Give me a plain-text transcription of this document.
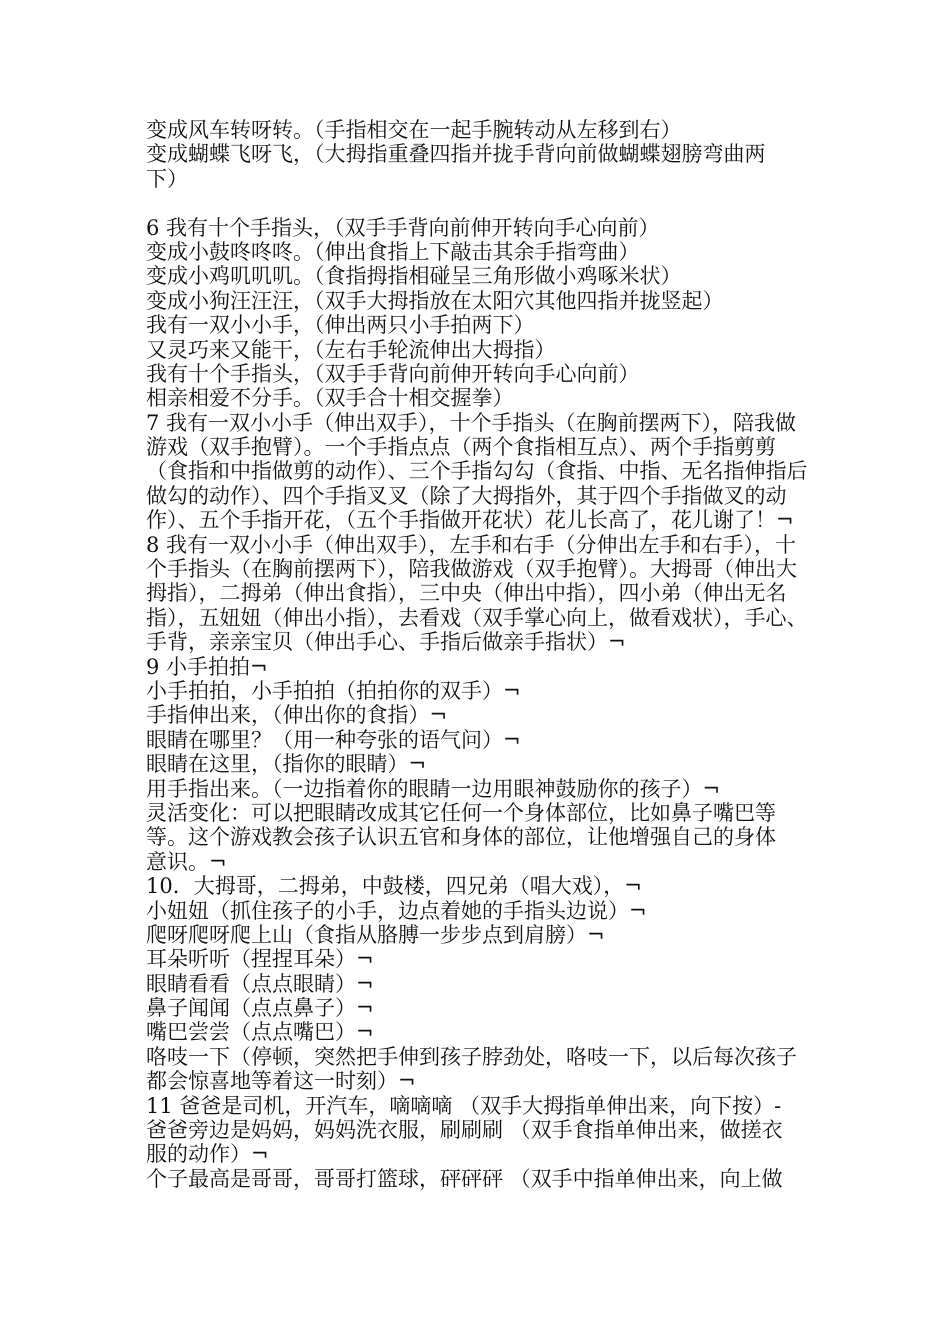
变成风车转呀转。（手指相交在一起手腕转动从左移到右）
变成蝴蝶飞呀飞，（大拇指重叠四指并拢手背向前做蝴蝶翅膀弯曲两
下）
6 我有十个手指头，（双手手背向前伸开转向手心向前）
变成小鼓咚咚咚。（伸出食指上下敲击其余手指弯曲）
变成小鸡叽叽叽。（食指拇指相碰呈三角形做小鸡啄米状）
变成小狗汪汪汪，（双手大拇指放在太阳穴其他四指并拢竖起）
我有一双小小手，（伸出两只小手拍两下）
又灵巧来又能干，（左右手轮流伸出大拇指）
我有十个手指头，（双手手背向前伸开转向手心向前）
相亲相爱不分手。（双手合十相交握拳）
7 我有一双小小手（伸出双手），十个手指头（在胸前摆两下），陪我做
游戏（双手抱臂）。一个手指点点（两个食指相互点）、两个手指剪剪
（食指和中指做剪的动作）、三个手指勾勾（食指、中指、无名指伸指后
做勾的动作）、四个手指叉叉（除了大拇指外，其于四个手指做叉的动
作）、五个手指开花，（五个手指做开花状）花儿长高了，花儿谢了！¬
8 我有一双小小手（伸出双手），左手和右手（分伸出左手和右手），十
个手指头（在胸前摆两下），陪我做游戏（双手抱臂）。大拇哥（伸出大
拇指），二拇弟（伸出食指），三中央（伸出中指），四小弟（伸出无名
指），五妞妞（伸出小指），去看戏（双手掌心向上，做看戏状），手心、
手背，亲亲宝贝（伸出手心、手指后做亲手指状）¬
9 小手拍拍¬
小手拍拍，小手拍拍（拍拍你的双手）¬
手指伸出来，（伸出你的食指）¬
眼睛在哪里？（用一种夸张的语气问）¬
眼睛在这里，（指你的眼睛）¬
用手指出来。（一边指着你的眼睛一边用眼神鼓励你的孩子）¬
灵活变化：可以把眼睛改成其它任何一个身体部位，比如鼻子嘴巴等
等。这个游戏教会孩子认识五官和身体的部位，让他增强自己的身体
意识。¬
10．大拇哥，二拇弟，中鼓楼，四兄弟（唱大戏），¬
小妞妞（抓住孩子的小手，边点着她的手指头边说）¬
爬呀爬呀爬上山（食指从胳膊一步步点到肩膀）¬
耳朵听听（捏捏耳朵）¬
眼睛看看（点点眼睛）¬
鼻子闻闻（点点鼻子）¬
嘴巴尝尝（点点嘴巴）¬
咯吱一下（停顿，突然把手伸到孩子脖劲处，咯吱一下，以后每次孩子
都会惊喜地等着这一时刻）¬
11 爸爸是司机，开汽车，嘀嘀嘀 （双手大拇指单伸出来，向下按）-
爸爸旁边是妈妈，妈妈洗衣服，刷刷刷 （双手食指单伸出来，做搓衣
服的动作）¬
个子最高是哥哥，哥哥打篮球，砰砰砰 （双手中指单伸出来，向上做
